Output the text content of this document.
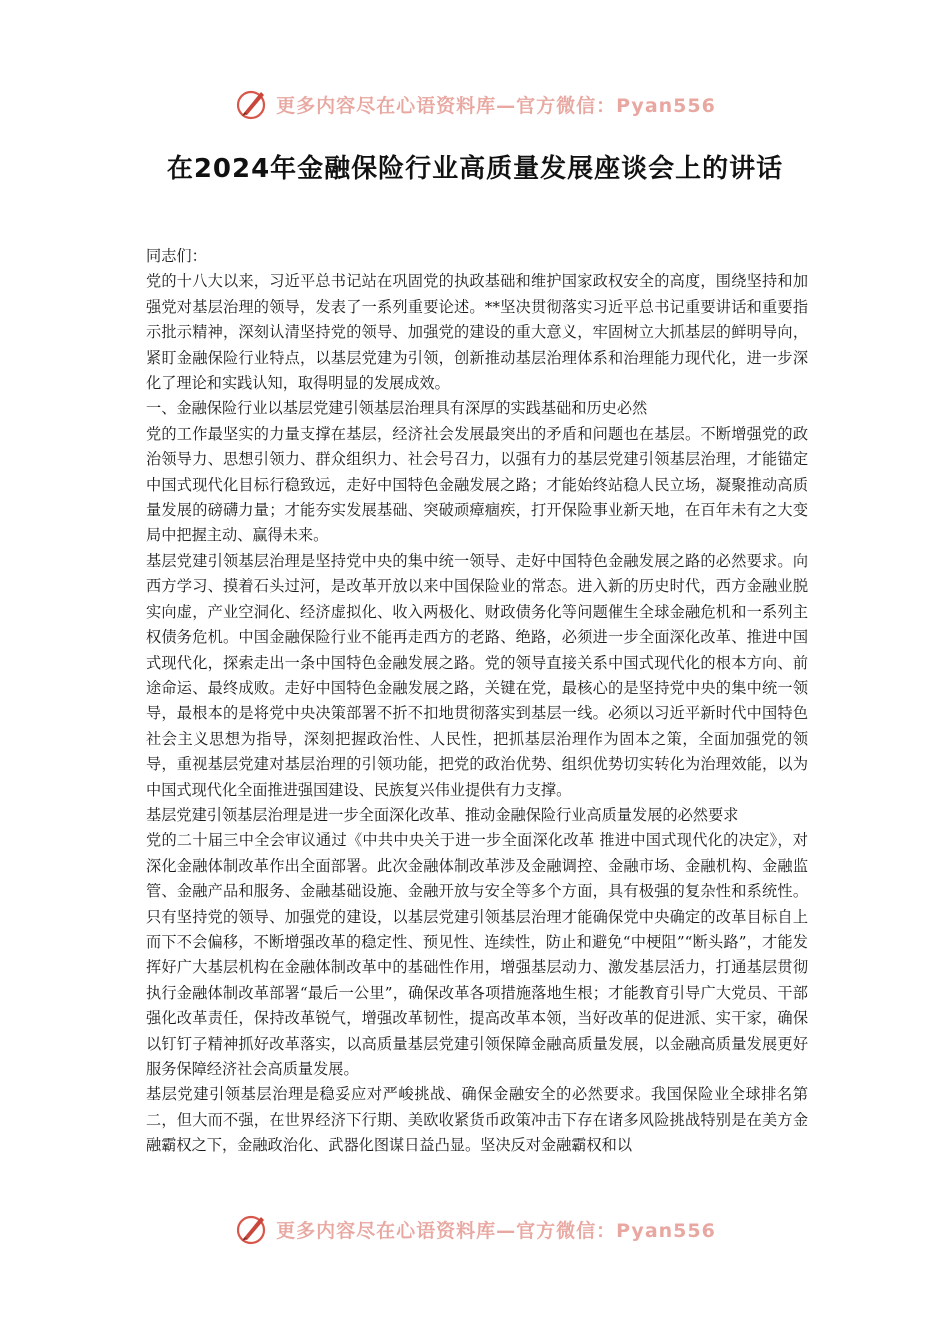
更多内容尽在心语资料库—官方微信：Pyan556
在2024年金融保险行业高质量发展座谈会上的讲话

同志们：

党的十八大以来，习近平总书记站在巩固党的执政基础和维护国家政权安全的高度，围绕坚持和加强党对基层治理的领导，发表了一系列重要论述。**坚决贯彻落实习近平总书记重要讲话和重要指示批示精神，深刻认清坚持党的领导、加强党的建设的重大意义，牢固树立大抓基层的鲜明导向，紧盯金融保险行业特点，以基层党建为引领，创新推动基层治理体系和治理能力现代化，进一步深化了理论和实践认知，取得明显的发展成效。

一、金融保险行业以基层党建引领基层治理具有深厚的实践基础和历史必然

党的工作最坚实的力量支撑在基层，经济社会发展最突出的矛盾和问题也在基层。不断增强党的政治领导力、思想引领力、群众组织力、社会号召力，以强有力的基层党建引领基层治理，才能锚定中国式现代化目标行稳致远，走好中国特色金融发展之路；才能始终站稳人民立场，凝聚推动高质量发展的磅礴力量；才能夯实发展基础、突破顽瘴痼疾，打开保险事业新天地，在百年未有之大变局中把握主动、赢得未来。

基层党建引领基层治理是坚持党中央的集中统一领导、走好中国特色金融发展之路的必然要求。向西方学习、摸着石头过河，是改革开放以来中国保险业的常态。进入新的历史时代，西方金融业脱实向虚，产业空洞化、经济虚拟化、收入两极化、财政债务化等问题催生全球金融危机和一系列主权债务危机。中国金融保险行业不能再走西方的老路、绝路，必须进一步全面深化改革、推进中国式现代化，探索走出一条中国特色金融发展之路。党的领导直接关系中国式现代化的根本方向、前途命运、最终成败。走好中国特色金融发展之路，关键在党，最核心的是坚持党中央的集中统一领导，最根本的是将党中央决策部署不折不扣地贯彻落实到基层一线。必须以习近平新时代中国特色社会主义思想为指导，深刻把握政治性、人民性，把抓基层治理作为固本之策，全面加强党的领导，重视基层党建对基层治理的引领功能，把党的政治优势、组织优势切实转化为治理效能，以为中国式现代化全面推进强国建设、民族复兴伟业提供有力支撑。

基层党建引领基层治理是进一步全面深化改革、推动金融保险行业高质量发展的必然要求

党的二十届三中全会审议通过《中共中央关于进一步全面深化改革 推进中国式现代化的决定》，对深化金融体制改革作出全面部署。此次金融体制改革涉及金融调控、金融市场、金融机构、金融监管、金融产品和服务、金融基础设施、金融开放与安全等多个方面，具有极强的复杂性和系统性。只有坚持党的领导、加强党的建设，以基层党建引领基层治理才能确保党中央确定的改革目标自上而下不会偏移，不断增强改革的稳定性、预见性、连续性，防止和避免“中梗阻”“断头路”，才能发挥好广大基层机构在金融体制改革中的基础性作用，增强基层动力、激发基层活力，打通基层贯彻执行金融体制改革部署“最后一公里”，确保改革各项措施落地生根；才能教育引导广大党员、干部强化改革责任，保持改革锐气，增强改革韧性，提高改革本领，当好改革的促进派、实干家，确保以钉钉子精神抓好改革落实，以高质量基层党建引领保障金融高质量发展，以金融高质量发展更好服务保障经济社会高质量发展。

基层党建引领基层治理是稳妥应对严峻挑战、确保金融安全的必然要求。我国保险业全球排名第二，但大而不强，在世界经济下行期、美欧收紧货币政策冲击下存在诸多风险挑战特别是在美方金融霸权之下，金融政治化、武器化图谋日益凸显。坚决反对金融霸权和以

更多内容尽在心语资料库—官方微信：Pyan556
